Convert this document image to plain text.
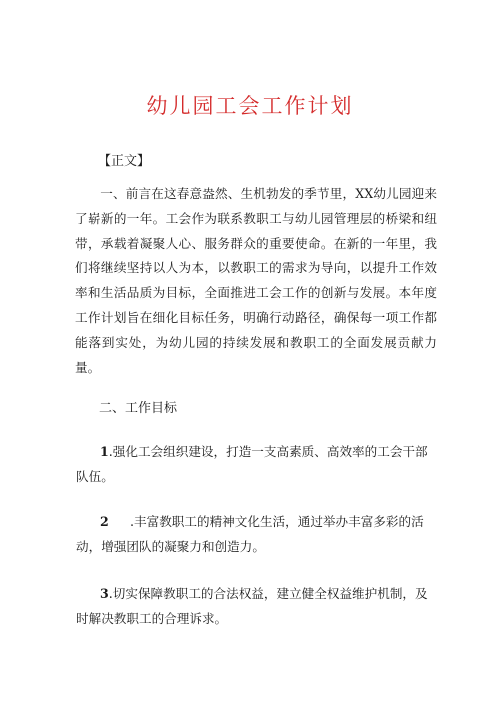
幼儿园工会工作计划
【正文】
一、前言在这春意盎然、生机勃发的季节里，XX幼儿园迎来了崭新的一年。工会作为联系教职工与幼儿园管理层的桥梁和纽带，承载着凝聚人心、服务群众的重要使命。在新的一年里，我们将继续坚持以人为本，以教职工的需求为导向，以提升工作效率和生活品质为目标，全面推进工会工作的创新与发展。本年度工作计划旨在细化目标任务，明确行动路径，确保每一项工作都能落到实处，为幼儿园的持续发展和教职工的全面发展贡献力量。
二、工作目标
1.强化工会组织建设，打造一支高素质、高效率的工会干部队伍。
2 .丰富教职工的精神文化生活，通过举办丰富多彩的活动，增强团队的凝聚力和创造力。
3.切实保障教职工的合法权益，建立健全权益维护机制，及时解决教职工的合理诉求。
